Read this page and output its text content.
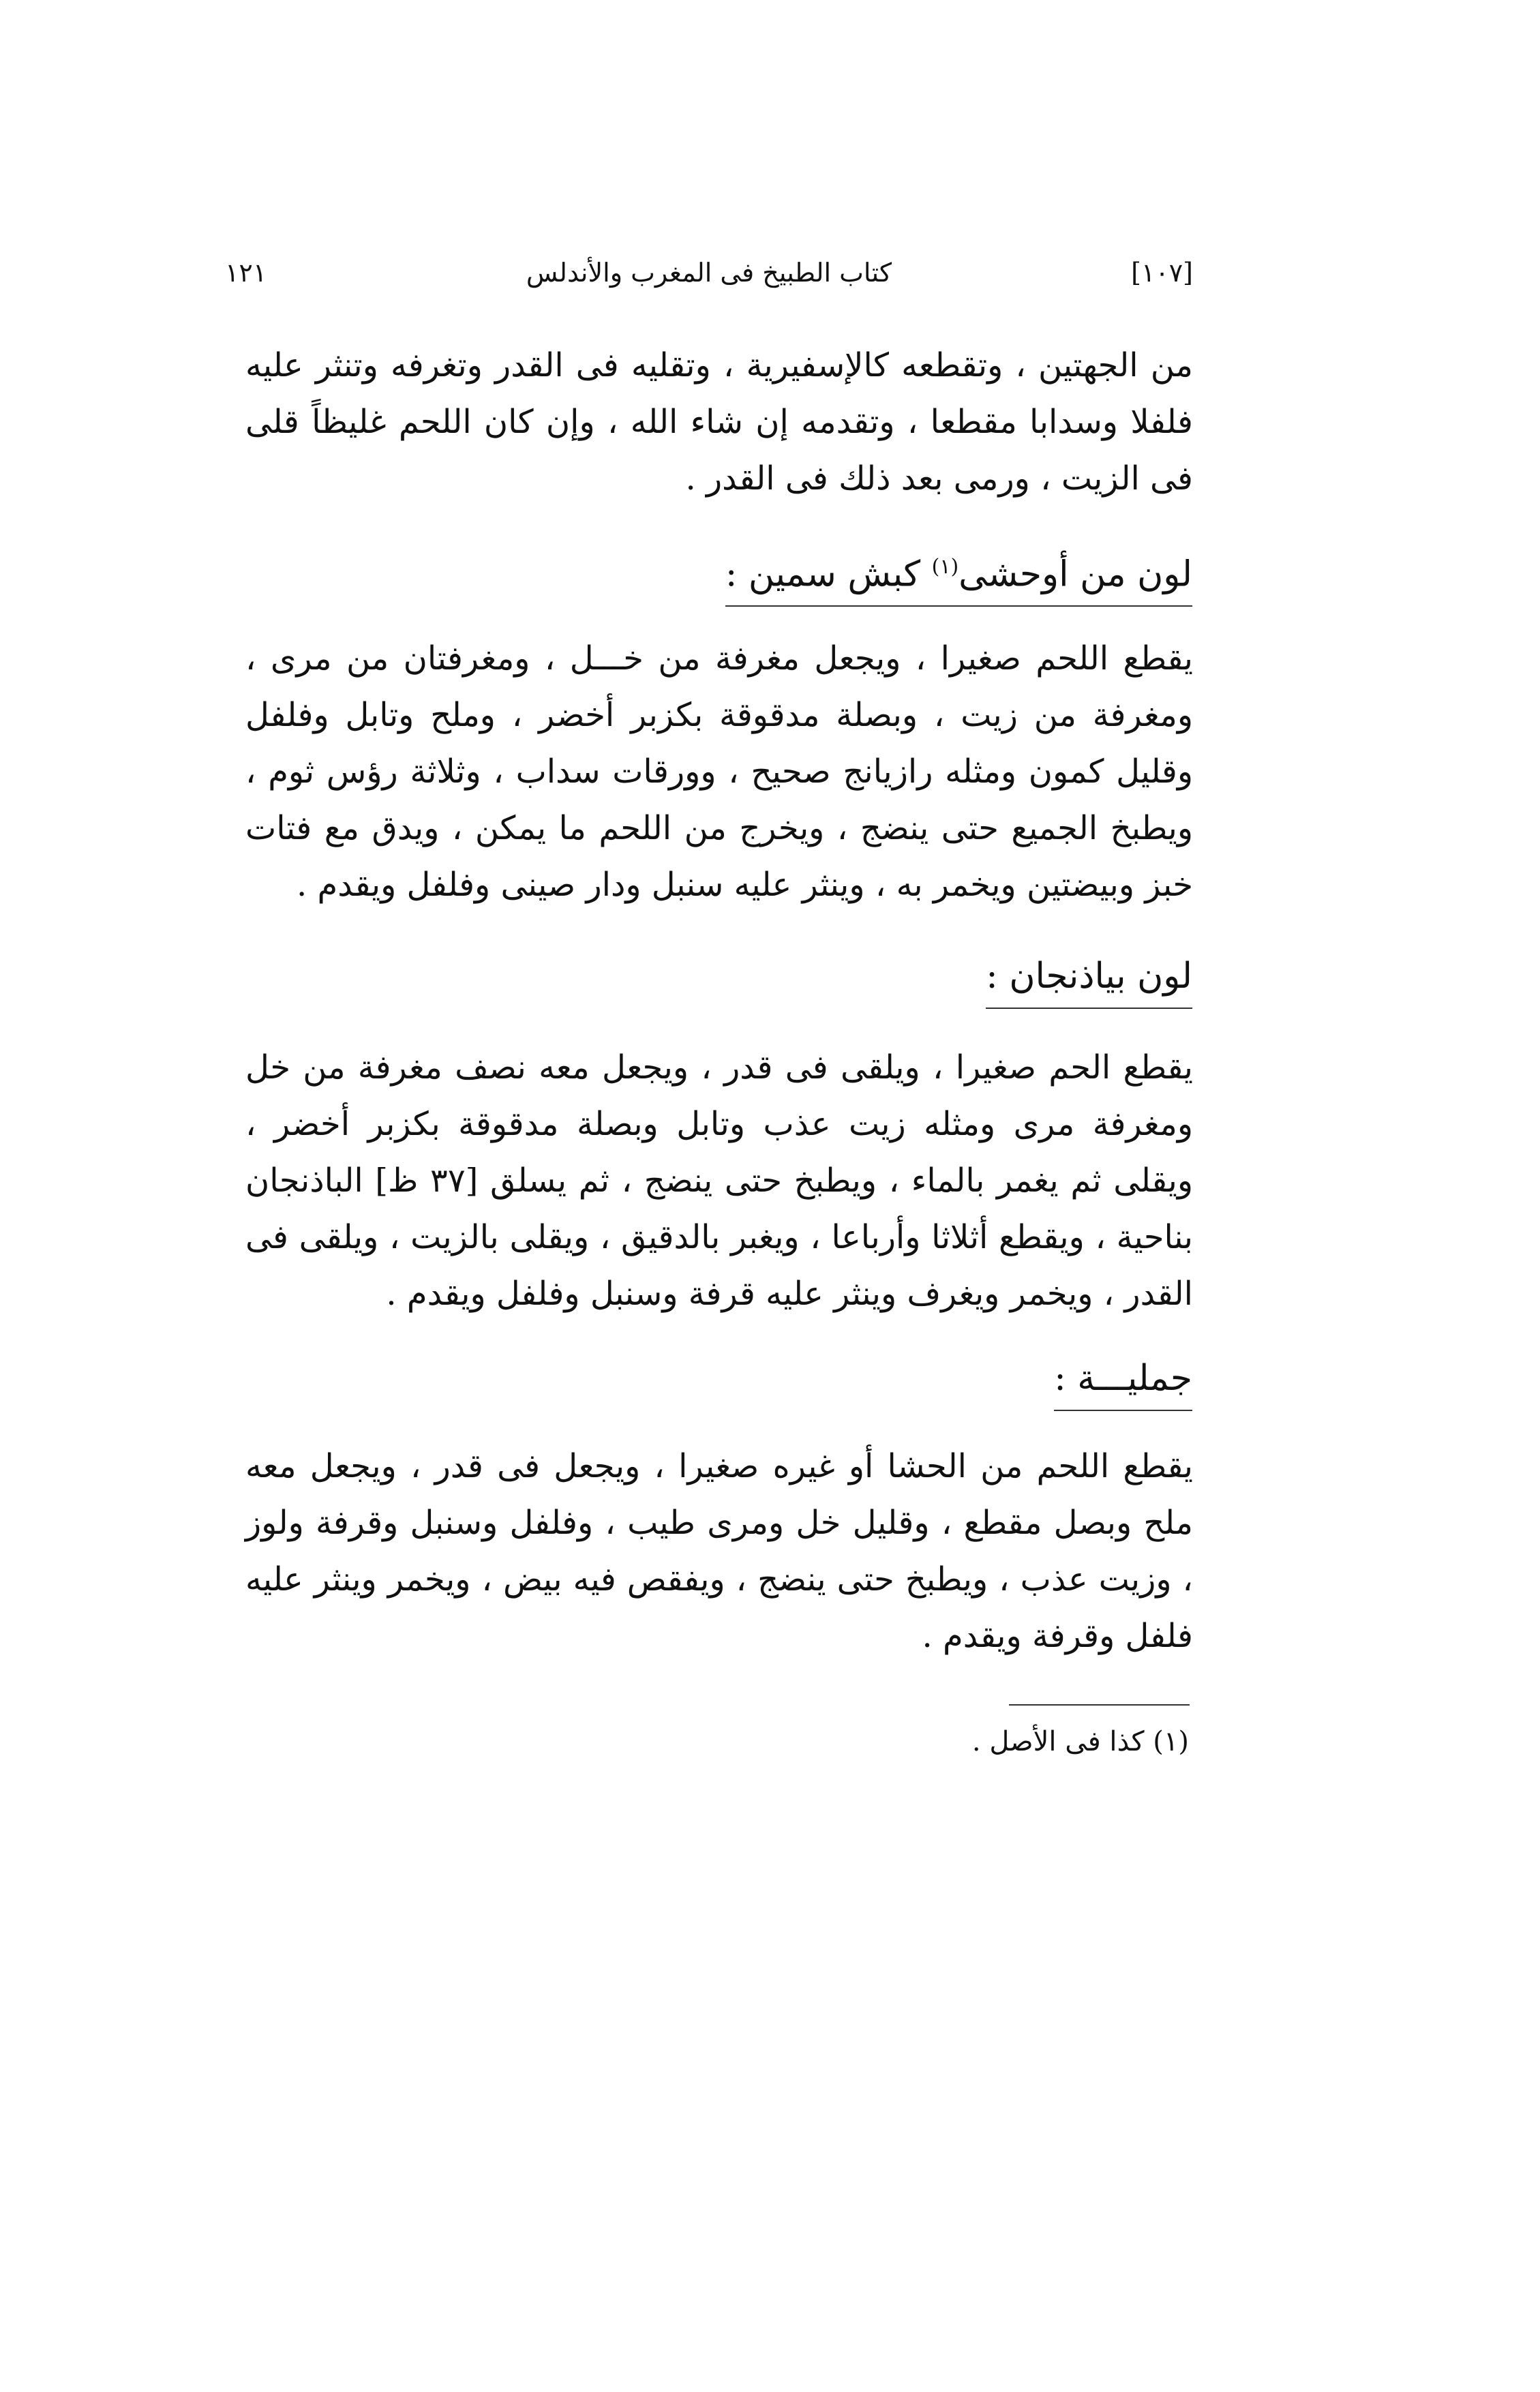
١٢١	كتاب الطبيخ فى المغرب والأندلس	[١٠٧]

من الجهتين ، وتقطعه كالإسفيرية ، وتقليه فى القدر وتغرفه وتنثر عليه فلفلا وسدابا مقطعا ، وتقدمه إن شاء الله ، وإن كان اللحم غليظاً قلى فى الزيت ، ورمى بعد ذلك فى القدر .

لون من أوحشى$^{(١)}$ كبش سمين :

يقطع اللحم صغيرا ، ويجعل مغرفة من خـــل ، ومغرفتان من مرى ، ومغرفة من زيت ، وبصلة مدقوقة بكزبر أخضر ، وملح وتابل وفلفل وقليل كمون ومثله رازيانج صحيح ، وورقات سداب ، وثلاثة رؤس ثوم ، ويطبخ الجميع حتى ينضج ، ويخرج من اللحم ما يمكن ، ويدق مع فتات خبز وبيضتين ويخمر به ، وينثر عليه سنبل ودار صينى وفلفل ويقدم .

لون بياذنجان :

يقطع الحم صغيرا ، ويلقى فى قدر ، ويجعل معه نصف مغرفة من خل ومغرفة مرى ومثله زيت عذب وتابل وبصلة مدقوقة بكزبر أخضر ، ويقلى ثم يغمر بالماء ، ويطبخ حتى ينضج ، ثم يسلق [٣٧ ظ] الباذنجان بناحية ، ويقطع أثلاثا وأرباعا ، ويغبر بالدقيق ، ويقلى بالزيت ، ويلقى فى القدر ، ويخمر ويغرف وينثر عليه قرفة وسنبل وفلفل ويقدم .

جمليـــة :

يقطع اللحم من الحشا أو غيره صغيرا ، ويجعل فى قدر ، ويجعل معه ملح وبصل مقطع ، وقليل خل ومرى طيب ، وفلفل وسنبل وقرفة ولوز ، وزيت عذب ، ويطبخ حتى ينضج ، ويفقص فيه بيض ، ويخمر وينثر عليه فلفل وقرفة ويقدم .

(١) كذا فى الأصل .
